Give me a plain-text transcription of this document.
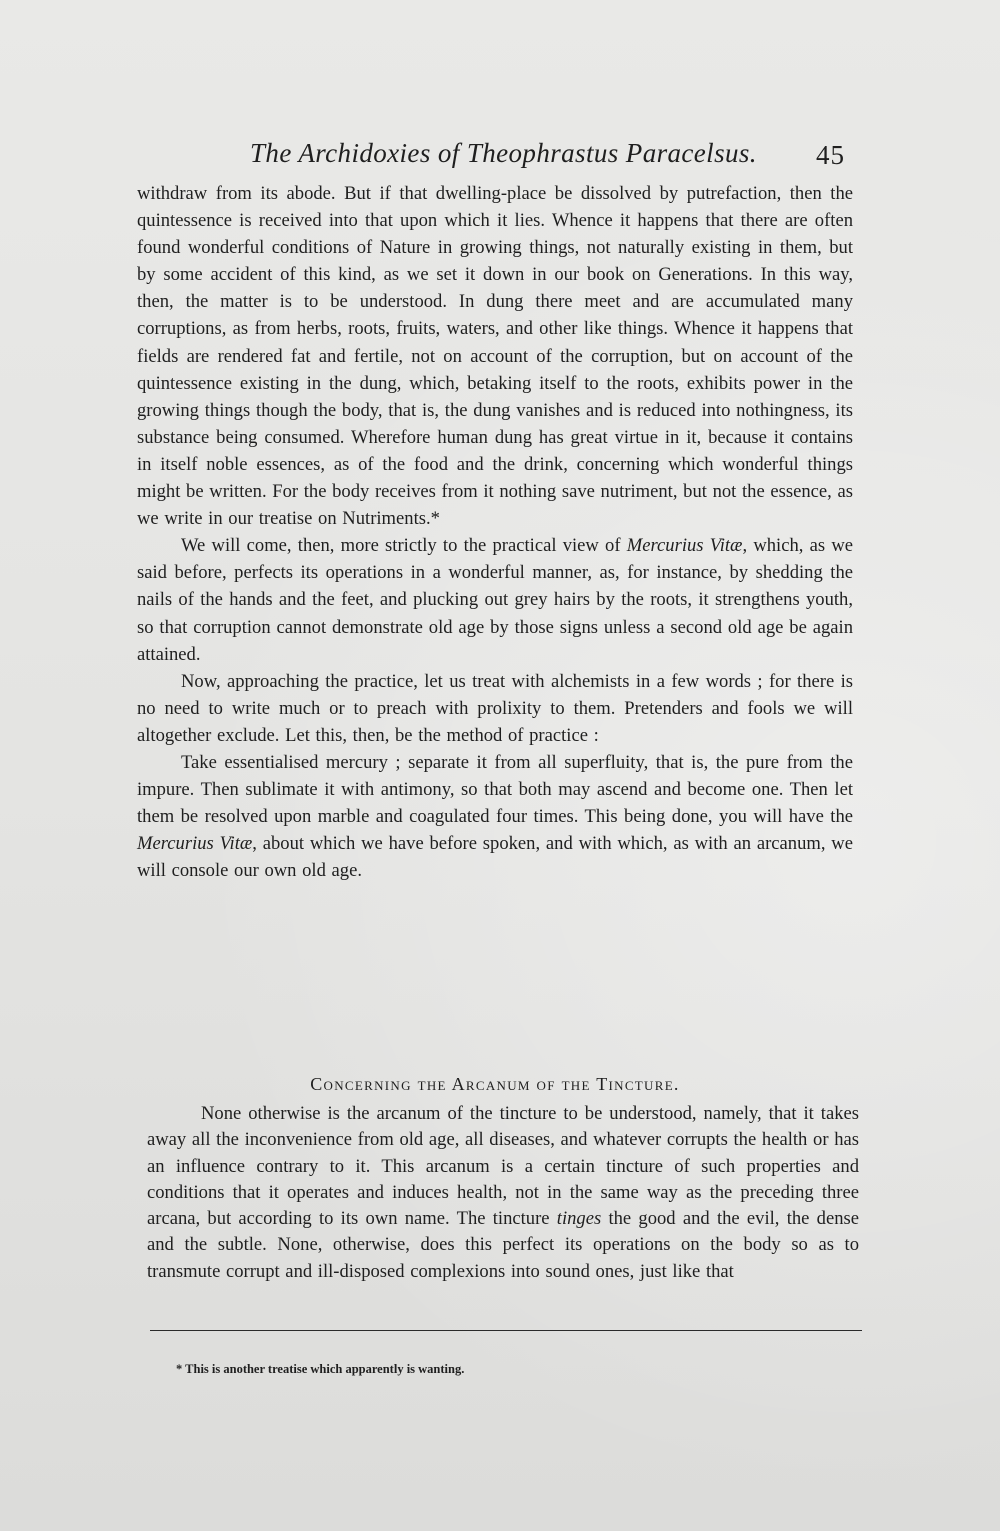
The Archidoxies of Theophrastus Paracelsus. 45

withdraw from its abode. But if that dwelling-place be dissolved by putrefaction, then the quintessence is received into that upon which it lies. Whence it happens that there are often found wonderful conditions of Nature in growing things, not naturally existing in them, but by some accident of this kind, as we set it down in our book on Generations. In this way, then, the matter is to be understood. In dung there meet and are accumulated many corruptions, as from herbs, roots, fruits, waters, and other like things. Whence it happens that fields are rendered fat and fertile, not on account of the corruption, but on account of the quintessence existing in the dung, which, betaking itself to the roots, exhibits power in the growing things though the body, that is, the dung vanishes and is reduced into nothingness, its substance being consumed. Wherefore human dung has great virtue in it, because it contains in itself noble essences, as of the food and the drink, concerning which wonderful things might be written. For the body receives from it nothing save nutriment, but not the essence, as we write in our treatise on Nutriments.*

We will come, then, more strictly to the practical view of Mercurius Vitæ, which, as we said before, perfects its operations in a wonderful manner, as, for instance, by shedding the nails of the hands and the feet, and plucking out grey hairs by the roots, it strengthens youth, so that corruption cannot demonstrate old age by those signs unless a second old age be again attained.

Now, approaching the practice, let us treat with alchemists in a few words ; for there is no need to write much or to preach with prolixity to them. Pretenders and fools we will altogether exclude. Let this, then, be the method of practice :

Take essentialised mercury ; separate it from all superfluity, that is, the pure from the impure. Then sublimate it with antimony, so that both may ascend and become one. Then let them be resolved upon marble and coagulated four times. This being done, you will have the Mercurius Vitæ, about which we have before spoken, and with which, as with an arcanum, we will console our own old age.

Concerning the Arcanum of the Tincture.

None otherwise is the arcanum of the tincture to be understood, namely, that it takes away all the inconvenience from old age, all diseases, and whatever corrupts the health or has an influence contrary to it. This arcanum is a certain tincture of such properties and conditions that it operates and induces health, not in the same way as the preceding three arcana, but according to its own name. The tincture tinges the good and the evil, the dense and the subtle. None, otherwise, does this perfect its operations on the body so as to transmute corrupt and ill-disposed complexions into sound ones, just like that

* This is another treatise which apparently is wanting.
